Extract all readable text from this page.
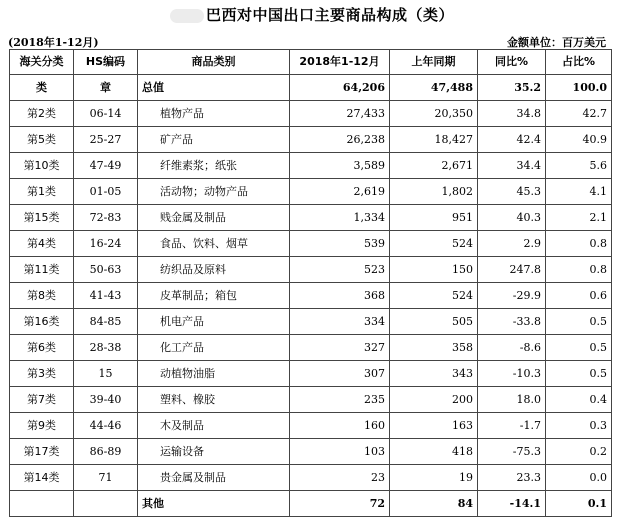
巴西对中国出口主要商品构成（类）
(2018年1-12月)	金额单位：百万美元
海关分类	HS编码	商品类别	2018年1-12月	上年同期	同比%	占比%
类	章	总值	64,206	47,488	35.2	100.0
第2类	06-14	植物产品	27,433	20,350	34.8	42.7
第5类	25-27	矿产品	26,238	18,427	42.4	40.9
第10类	47-49	纤维素浆；纸张	3,589	2,671	34.4	5.6
第1类	01-05	活动物；动物产品	2,619	1,802	45.3	4.1
第15类	72-83	贱金属及制品	1,334	951	40.3	2.1
第4类	16-24	食品、饮料、烟草	539	524	2.9	0.8
第11类	50-63	纺织品及原料	523	150	247.8	0.8
第8类	41-43	皮革制品；箱包	368	524	-29.9	0.6
第16类	84-85	机电产品	334	505	-33.8	0.5
第6类	28-38	化工产品	327	358	-8.6	0.5
第3类	15	动植物油脂	307	343	-10.3	0.5
第7类	39-40	塑料、橡胶	235	200	18.0	0.4
第9类	44-46	木及制品	160	163	-1.7	0.3
第17类	86-89	运输设备	103	418	-75.3	0.2
第14类	71	贵金属及制品	23	19	23.3	0.0
		其他	72	84	-14.1	0.1
